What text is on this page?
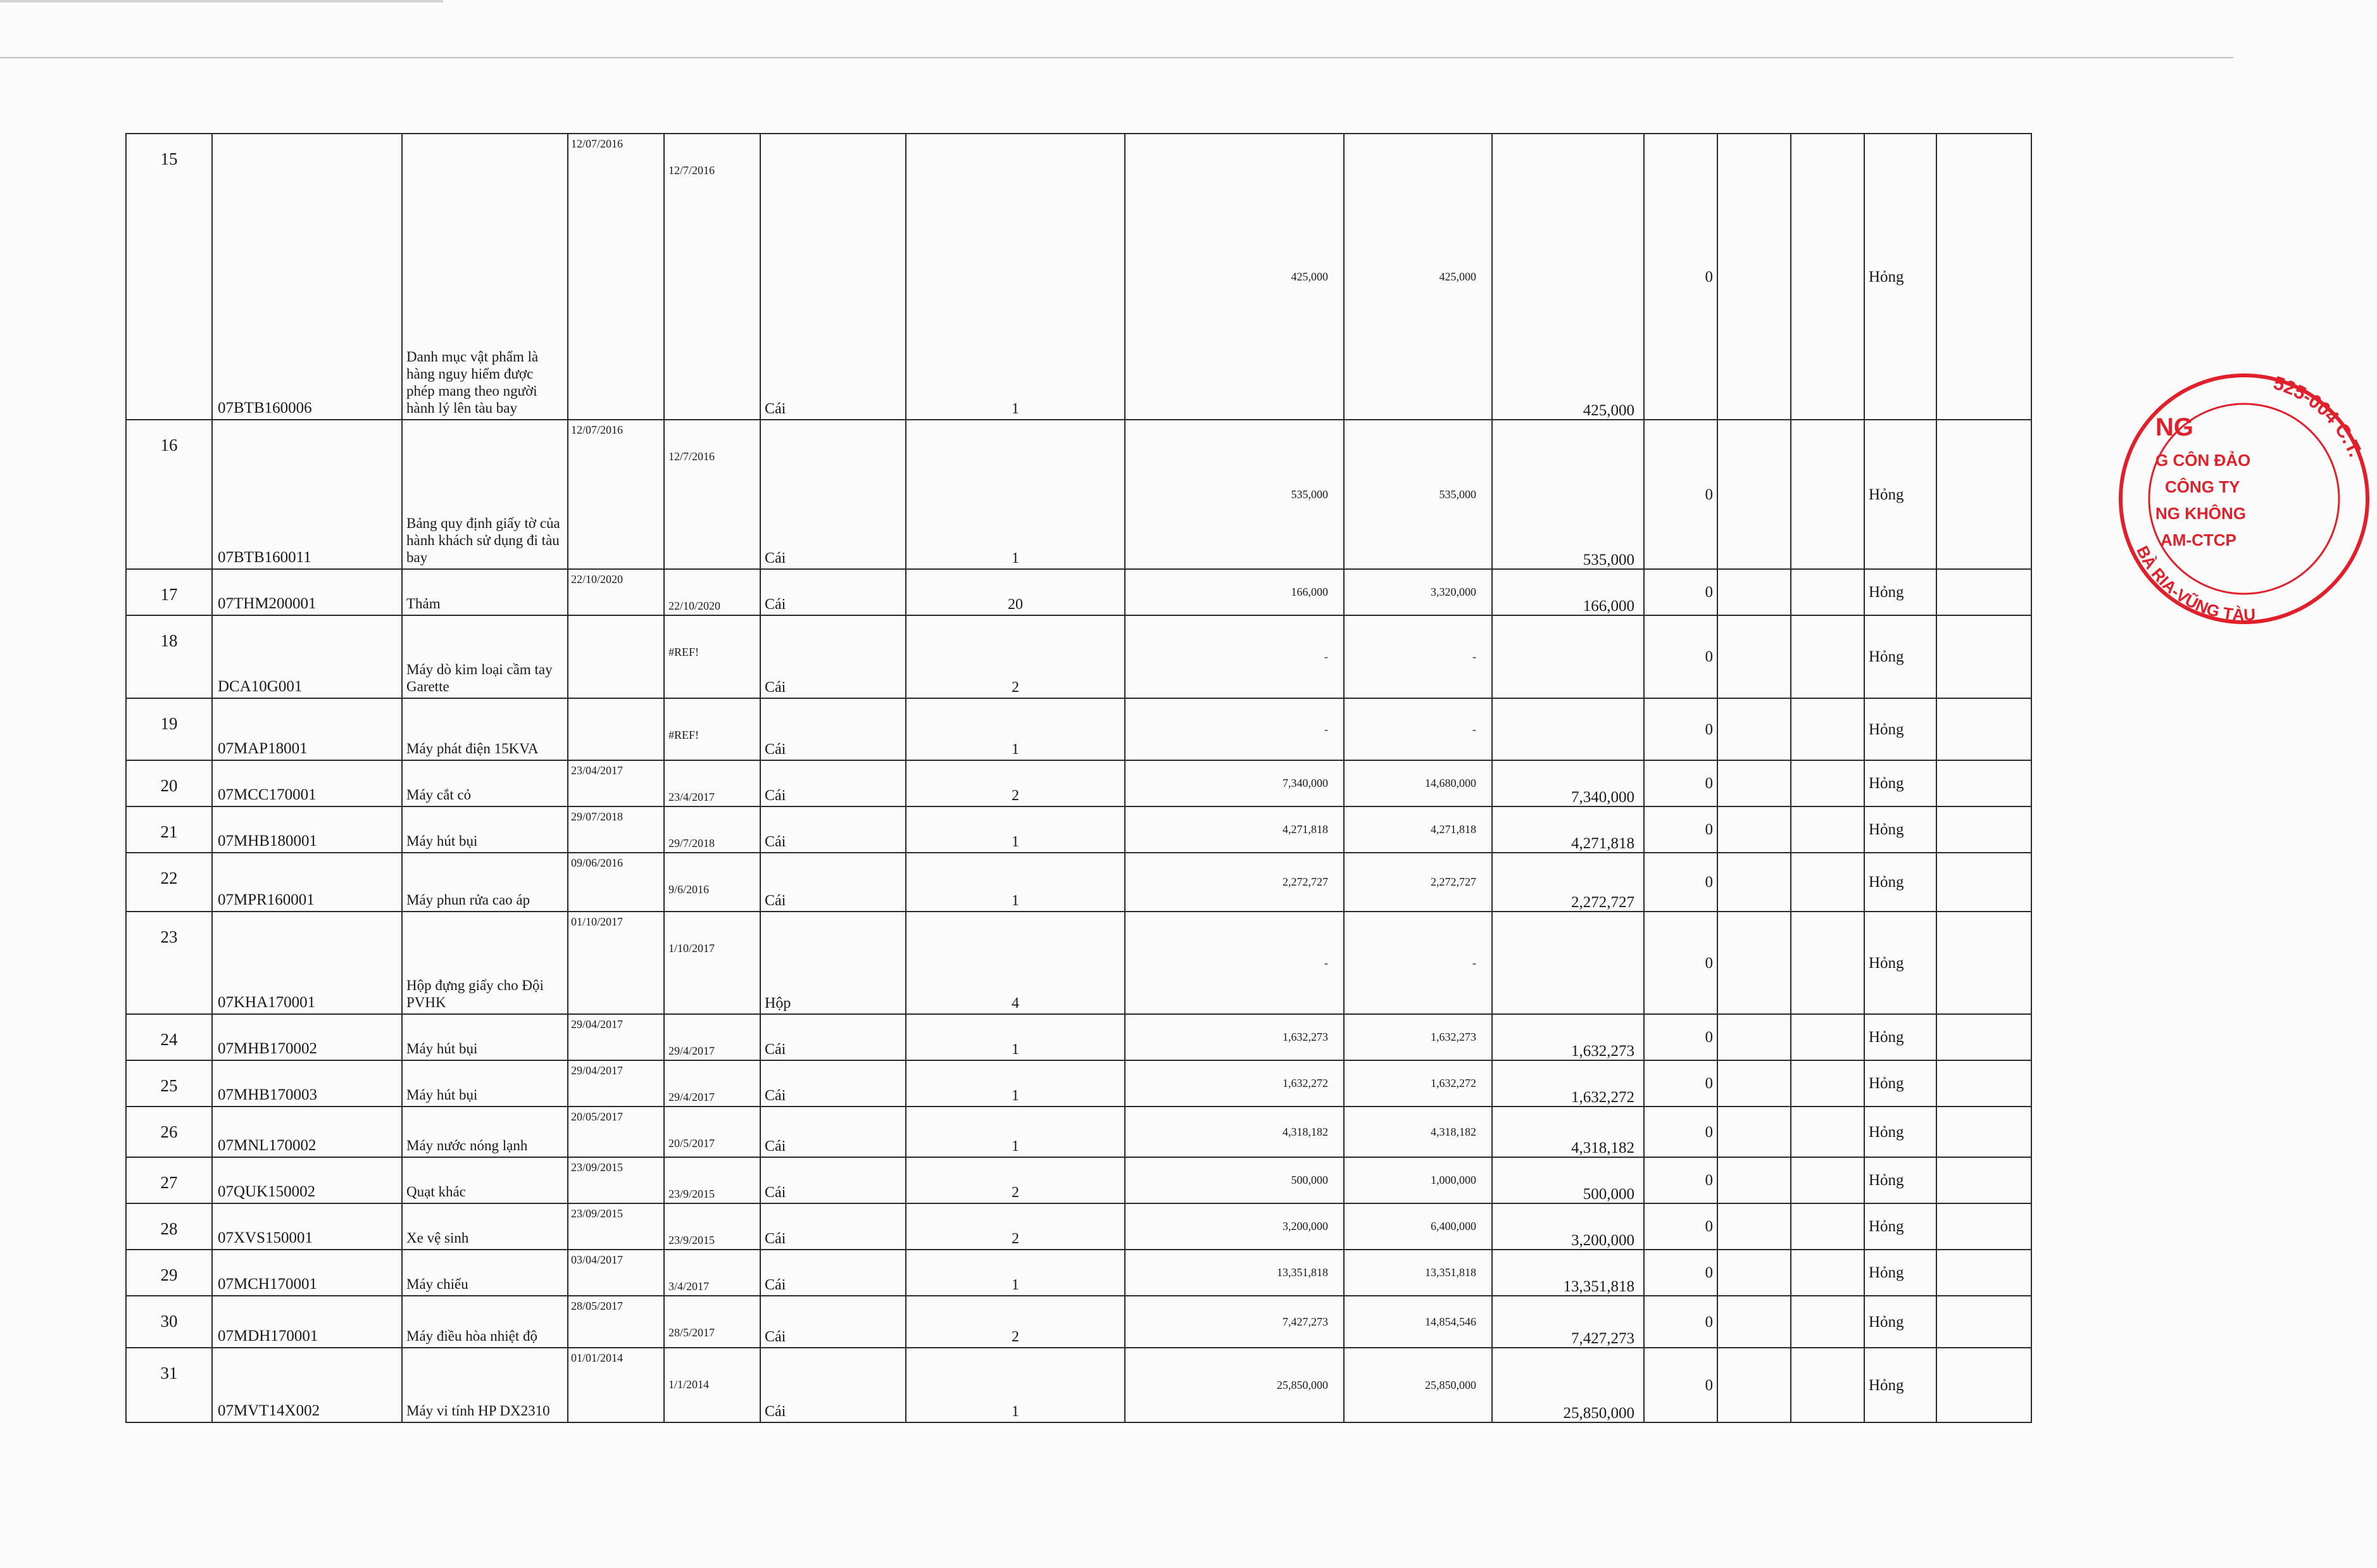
15	07BTB160006	Danh mục vật phẩm là hàng nguy hiểm được phép mang theo người hành lý lên tàu bay	12/07/2016	12/7/2016	Cái	1	425,000	425,000	425,000	0			Hỏng	
16	07BTB160011	Bảng quy định giấy tờ của hành khách sử dụng đi tàu bay	12/07/2016	12/7/2016	Cái	1	535,000	535,000	535,000	0			Hỏng	
17	07THM200001	Thảm	22/10/2020	22/10/2020	Cái	20	166,000	3,320,000	166,000	0			Hỏng	
18	DCA10G001	Máy dò kim loại cầm tay Garette		#REF!	Cái	2	-	-		0			Hỏng	
19	07MAP18001	Máy phát điện 15KVA		#REF!	Cái	1	-	-		0			Hỏng	
20	07MCC170001	Máy cắt cỏ	23/04/2017	23/4/2017	Cái	2	7,340,000	14,680,000	7,340,000	0			Hỏng	
21	07MHB180001	Máy hút bụi	29/07/2018	29/7/2018	Cái	1	4,271,818	4,271,818	4,271,818	0			Hỏng	
22	07MPR160001	Máy phun rửa cao áp	09/06/2016	9/6/2016	Cái	1	2,272,727	2,272,727	2,272,727	0			Hỏng	
23	07KHA170001	Hộp đựng giấy cho Đội PVHK	01/10/2017	1/10/2017	Hộp	4	-	-		0			Hỏng	
24	07MHB170002	Máy hút bụi	29/04/2017	29/4/2017	Cái	1	1,632,273	1,632,273	1,632,273	0			Hỏng	
25	07MHB170003	Máy hút bụi	29/04/2017	29/4/2017	Cái	1	1,632,272	1,632,272	1,632,272	0			Hỏng	
26	07MNL170002	Máy nước nóng lạnh	20/05/2017	20/5/2017	Cái	1	4,318,182	4,318,182	4,318,182	0			Hỏng	
27	07QUK150002	Quạt khác	23/09/2015	23/9/2015	Cái	2	500,000	1,000,000	500,000	0			Hỏng	
28	07XVS150001	Xe vệ sinh	23/09/2015	23/9/2015	Cái	2	3,200,000	6,400,000	3,200,000	0			Hỏng	
29	07MCH170001	Máy chiếu	03/04/2017	3/4/2017	Cái	1	13,351,818	13,351,818	13,351,818	0			Hỏng	
30	07MDH170001	Máy điều hòa nhiệt độ	28/05/2017	28/5/2017	Cái	2	7,427,273	14,854,546	7,427,273	0			Hỏng	
31	07MVT14X002	Máy vi tính HP DX2310	01/01/2014	1/1/2014	Cái	1	25,850,000	25,850,000	25,850,000	0			Hỏng	
525-004 C.T.
NG
G CÔN ĐẢO
CÔNG TY
NG KHÔNG
AM-CTCP
BÀ RỊA-VŨNG TÀU
